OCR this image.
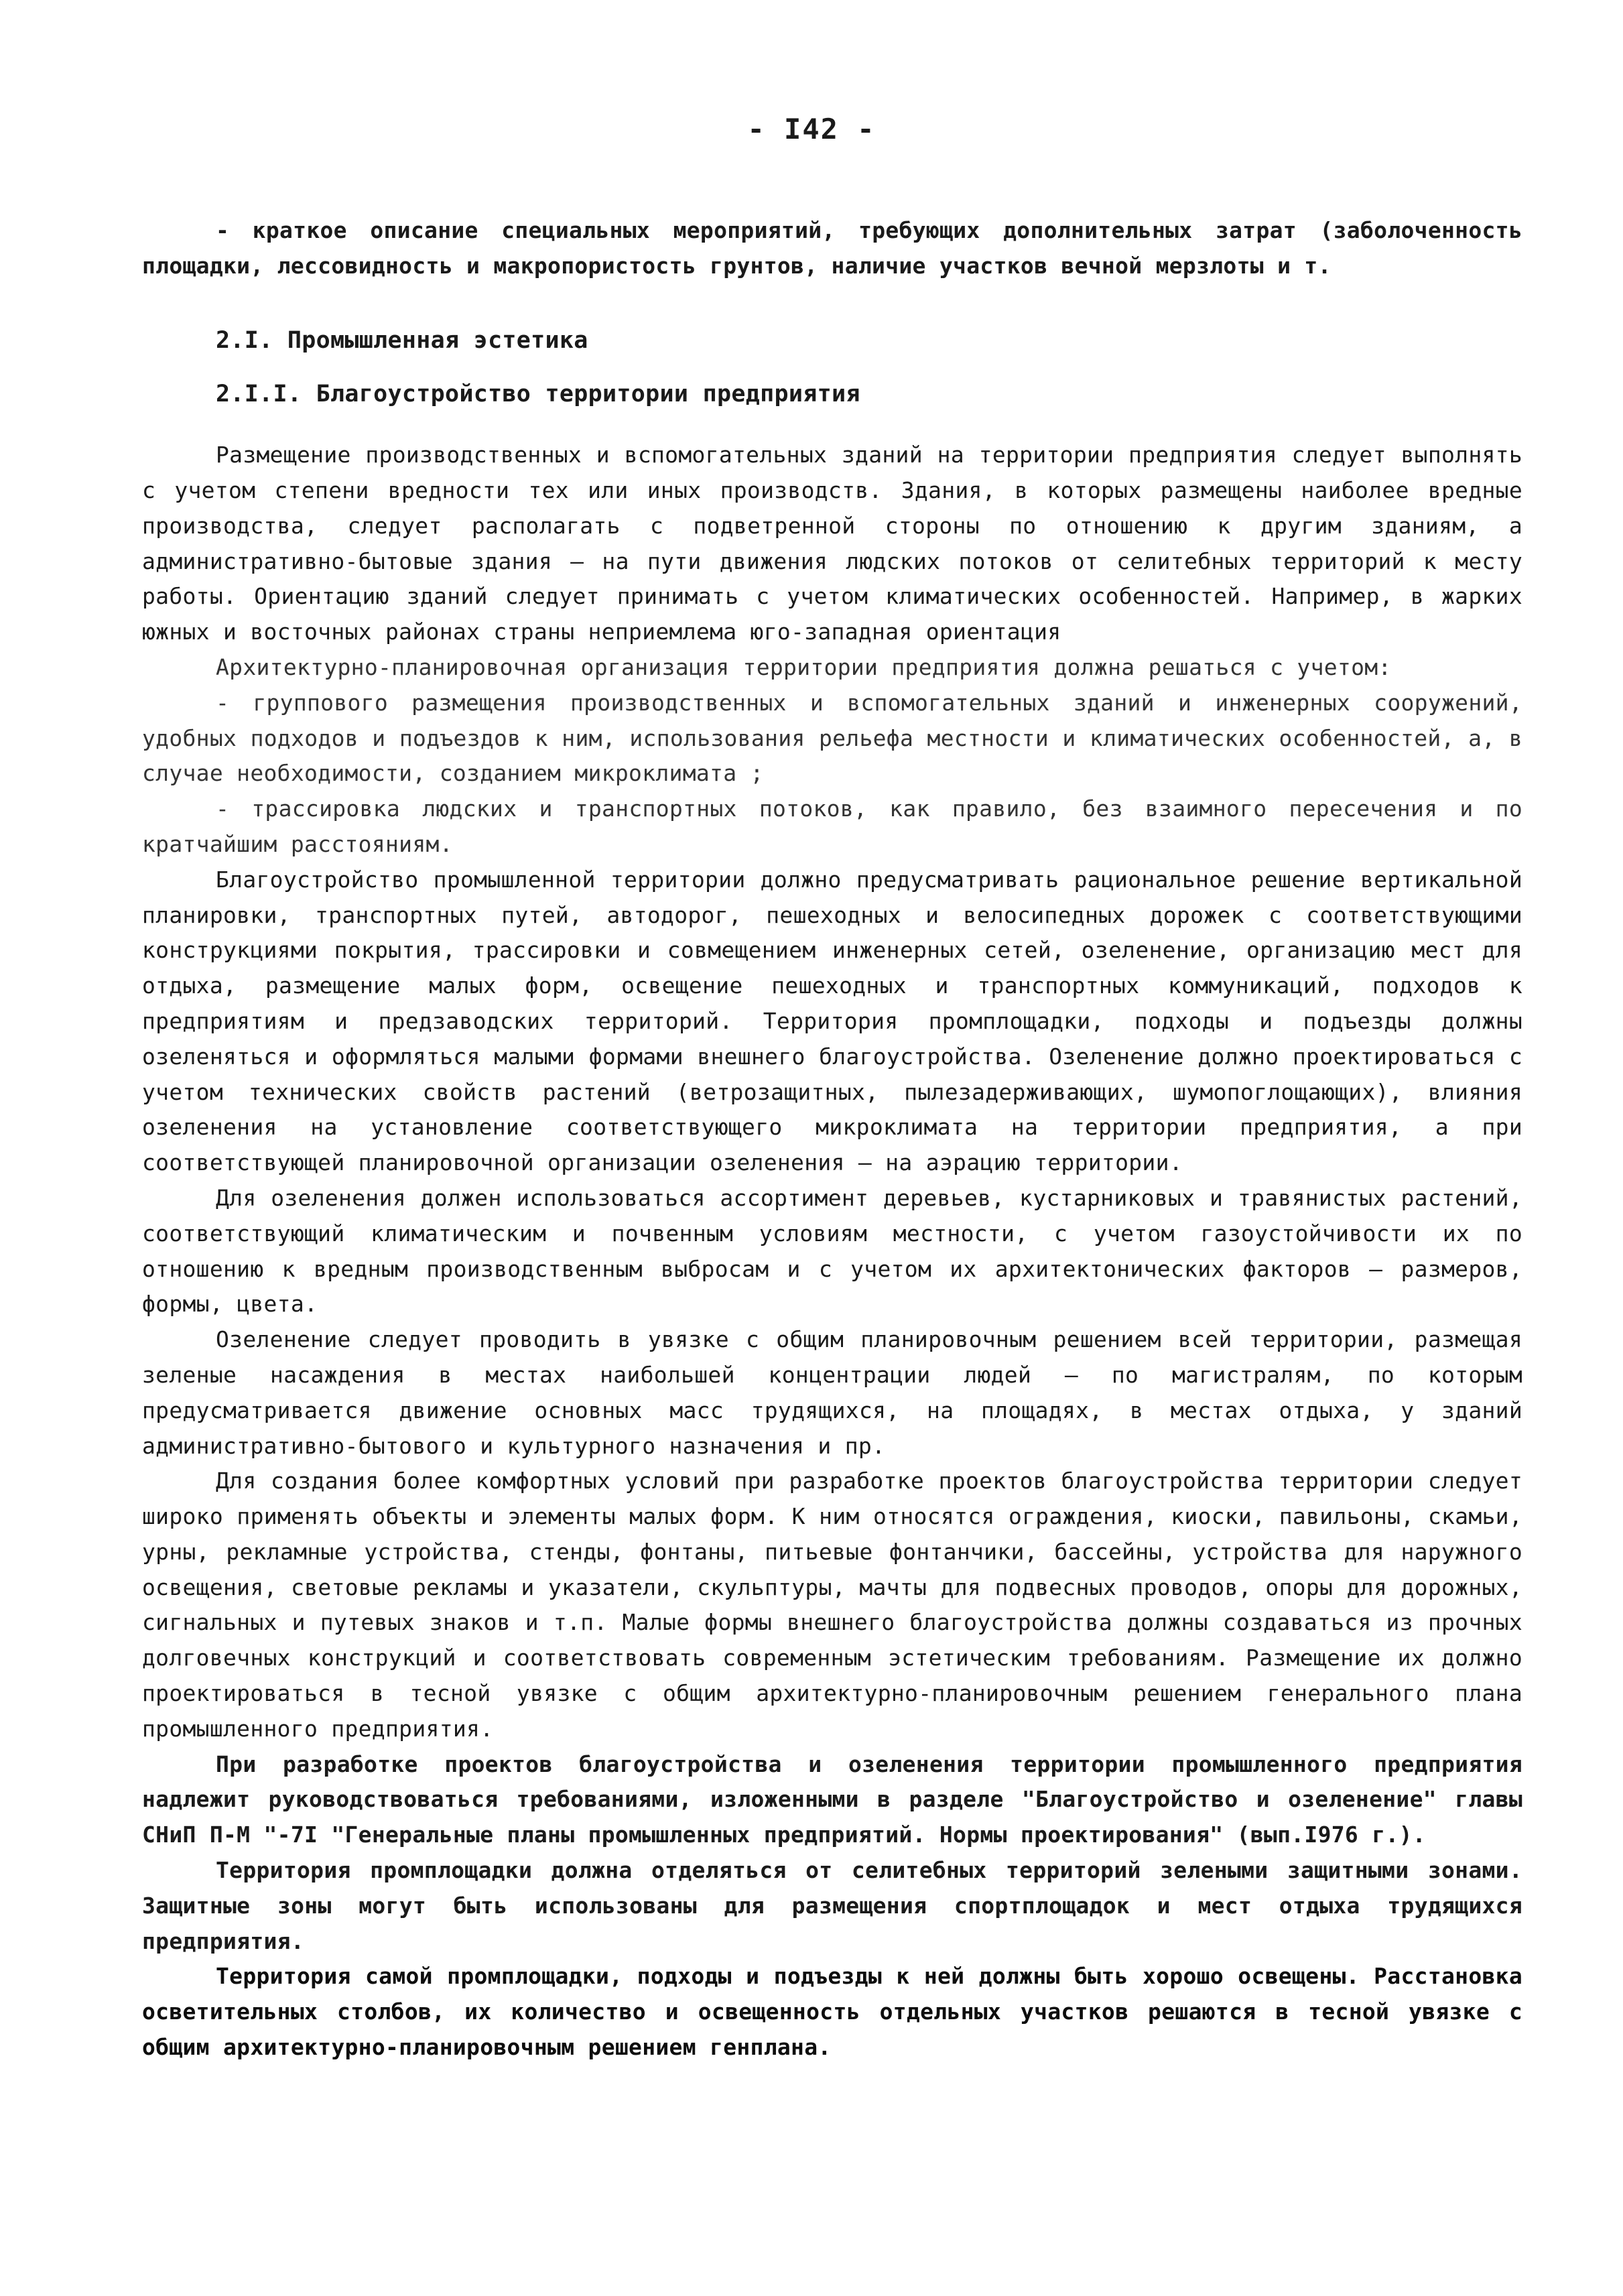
- I42 -

- краткое описание специальных мероприятий, требующих дополнительных затрат (заболоченность площадки, лессовидность и макропористость грунтов, наличие участков вечной мерзлоты и т.

2.I. Промышленная эстетика

2.I.I. Благоустройство территории предприятия

Размещение производственных и вспомогательных зданий на территории предприятия следует выполнять с учетом степени вредности тех или иных производств. Здания, в которых размещены наиболее вредные производства, следует располагать с подветренной стороны по отношению к другим зданиям, а административно-бытовые здания – на пути движения людских потоков от селитебных территорий к месту работы. Ориентацию зданий следует принимать с учетом климатических особенностей. Например, в жарких южных и восточных районах страны неприемлема юго-западная ориентация

Архитектурно-планировочная организация территории предприятия должна решаться с учетом:

- группового размещения производственных и вспомогательных зданий и инженерных сооружений, удобных подходов и подъездов к ним, использования рельефа местности и климатических особенностей, а, в случае необходимости, созданием микроклимата ;

- трассировка людских и транспортных потоков, как правило, без взаимного пересечения и по кратчайшим расстояниям.

Благоустройство промышленной территории должно предусматривать рациональное решение вертикальной планировки, транспортных путей, автодорог, пешеходных и велосипедных дорожек с соответствующими конструкциями покрытия, трассировки и совмещением инженерных сетей, озеленение, организацию мест для отдыха, размещение малых форм, освещение пешеходных и транспортных коммуникаций, подходов к предприятиям и предзаводских территорий. Территория промплощадки, подходы и подъезды должны озеленяться и оформляться малыми формами внешнего благоустройства. Озеленение должно проектироваться с учетом технических свойств растений (ветрозащитных, пылезадерживающих, шумопоглощающих), влияния озеленения на установление соответствующего микроклимата на территории предприятия, а при соответствующей планировочной организации озеленения – на аэрацию территории.

Для озеленения должен использоваться ассортимент деревьев, кустарниковых и травянистых растений, соответствующий климатическим и почвенным условиям местности, с учетом газоустойчивости их по отношению к вредным производственным выбросам и с учетом их архитектонических факторов – размеров, формы, цвета.

Озеленение следует проводить в увязке с общим планировочным решением всей территории, размещая зеленые насаждения в местах наибольшей концентрации людей – по магистралям, по которым предусматривается движение основных масс трудящихся, на площадях, в местах отдыха, у зданий административно-бытового и культурного назначения и пр.

Для создания более комфортных условий при разработке проектов благоустройства территории следует широко применять объекты и элементы малых форм. К ним относятся ограждения, киоски, павильоны, скамьи, урны, рекламные устройства, стенды, фонтаны, питьевые фонтанчики, бассейны, устройства для наружного освещения, световые рекламы и указатели, скульптуры, мачты для подвесных проводов, опоры для дорожных, сигнальных и путевых знаков и т.п. Малые формы внешнего благоустройства должны создаваться из прочных долговечных конструкций и соответствовать современным эстетическим требованиям. Размещение их должно проектироваться в тесной увязке с общим архитектурно-планировочным решением генерального плана промышленного предприятия.

При разработке проектов благоустройства и озеленения территории промышленного предприятия надлежит руководствоваться требованиями, изложенными в разделе "Благоустройство и озеленение" главы СНиП П-М "-7I "Генеральные планы промышленных предприятий. Нормы проектирования" (вып.I976 г.).

Территория промплощадки должна отделяться от селитебных территорий зелеными защитными зонами. Защитные зоны могут быть использованы для размещения спортплощадок и мест отдыха трудящихся предприятия.

Территория самой промплощадки, подходы и подъезды к ней должны быть хорошо освещены. Расстановка осветительных столбов, их количество и освещенность отдельных участков решаются в тесной увязке с общим архитектурно-планировочным решением генплана.
